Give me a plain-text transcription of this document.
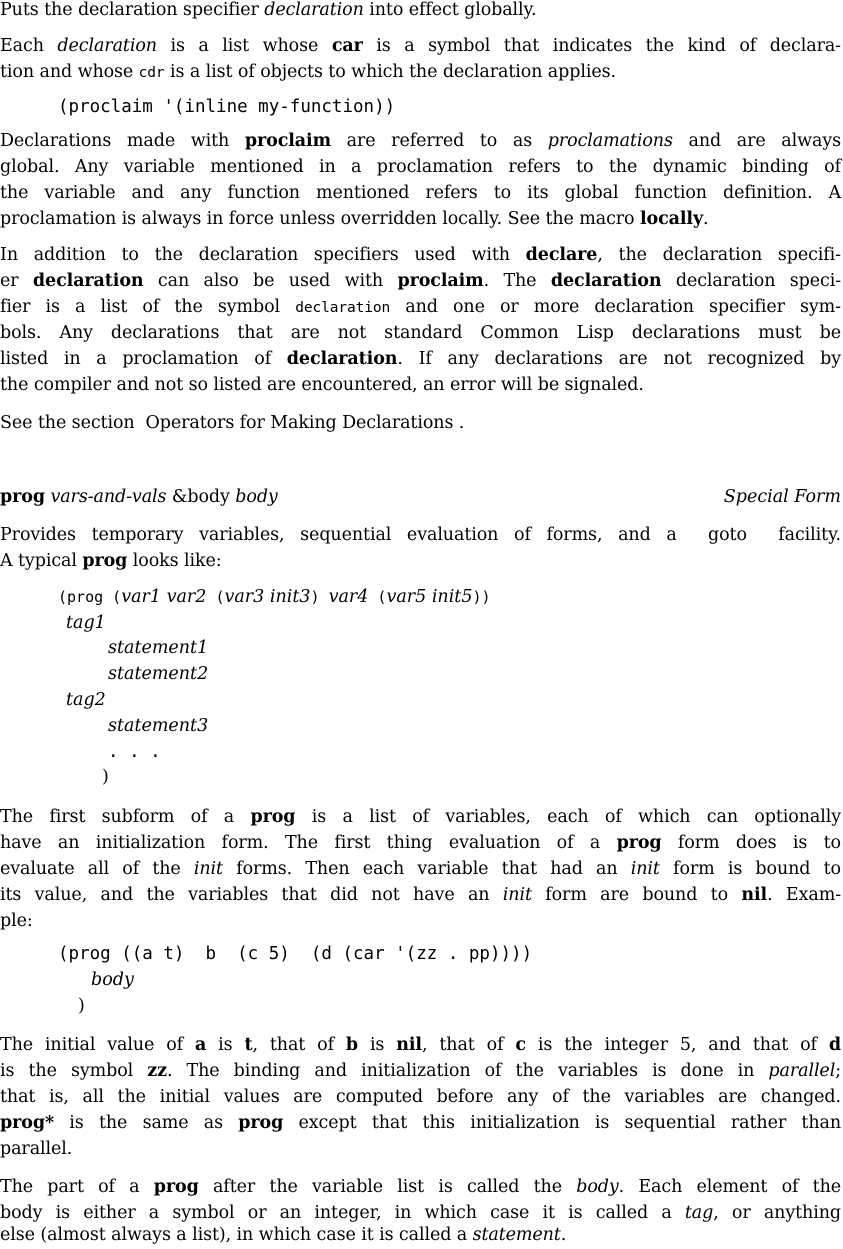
Puts the declaration specifier declaration into effect globally.
Each declaration is a list whose car is a symbol that indicates the kind of declara-
tion and whose cdr is a list of objects to which the declaration applies.
(proclaim '(inline my-function))
Declarations made with proclaim are referred to as proclamations and are always
global. Any variable mentioned in a proclamation refers to the dynamic binding of
the variable and any function mentioned refers to its global function definition. A
proclamation is always in force unless overridden locally. See the macro locally.
In addition to the declaration specifiers used with declare, the declaration specifi-
er declaration can also be used with proclaim. The declaration declaration speci-
fier is a list of the symbol declaration and one or more declaration specifier sym-
bols. Any declarations that are not standard Common Lisp declarations must be
listed in a proclamation of declaration. If any declarations are not recognized by
the compiler and not so listed are encountered, an error will be signaled.
See the section  Operators for Making Declarations .
prog vars-and-vals &body body	Special Form
Provides temporary variables, sequential evaluation of forms, and a  goto  facility.
A typical prog looks like:
(prog (var1 var2 (var3 init3) var4 (var5 init5))
tag1
statement1
statement2
tag2
statement3
. . .
)
The first subform of a prog is a list of variables, each of which can optionally
have an initialization form. The first thing evaluation of a prog form does is to
evaluate all of the init forms. Then each variable that had an init form is bound to
its value, and the variables that did not have an init form are bound to nil. Exam-
ple:
(prog ((a t)  b  (c 5)  (d (car '(zz . pp))))
body
)
The initial value of a is t, that of b is nil, that of c is the integer 5, and that of d
is the symbol zz. The binding and initialization of the variables is done in parallel;
that is, all the initial values are computed before any of the variables are changed.
prog* is the same as prog except that this initialization is sequential rather than
parallel.
The part of a prog after the variable list is called the body. Each element of the
body is either a symbol or an integer, in which case it is called a tag, or anything
else (almost always a list), in which case it is called a statement.
